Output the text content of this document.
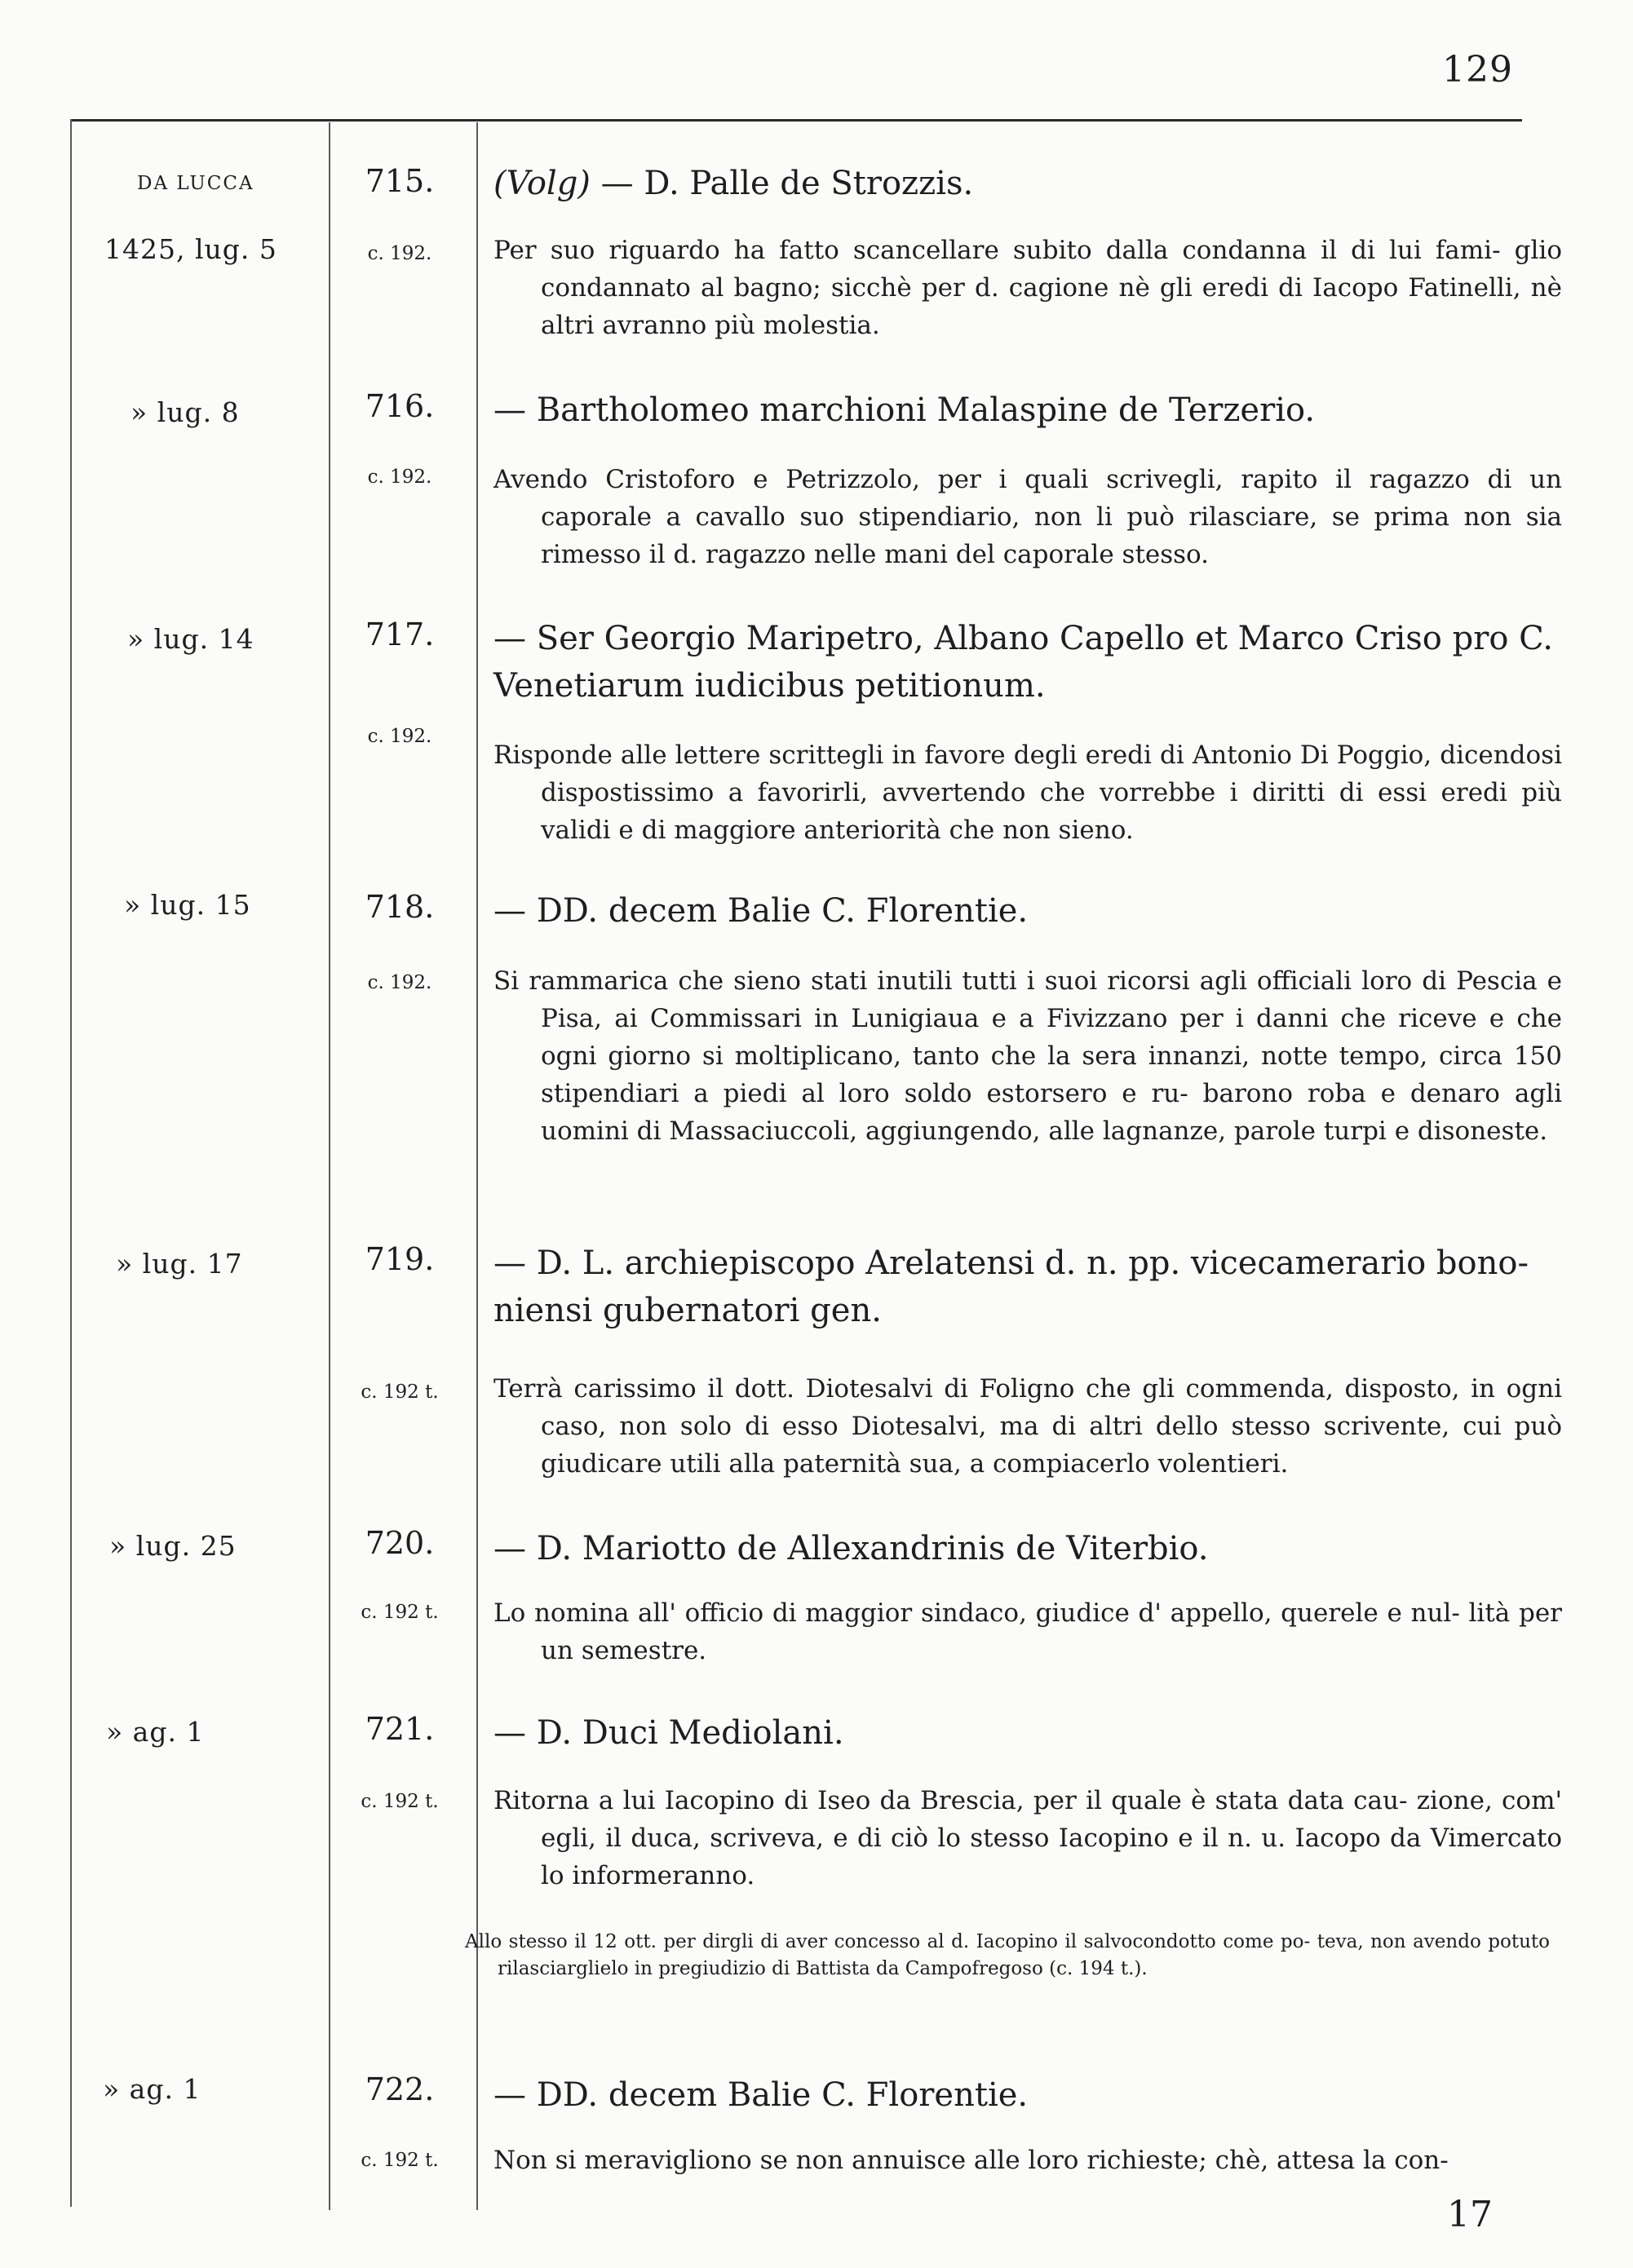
129
DA LUCCA
1425, lug. 5
715.
c. 192.
(Volg) — D. Palle de Strozzis.
Per suo riguardo ha fatto scancellare subito dalla condanna il di lui fami- glio condannato al bagno; sicchè per d. cagione nè gli eredi di Iacopo Fatinelli, nè altri avranno più molestia.
» lug. 8	716.
c. 192.
— Bartholomeo marchioni Malaspine de Terzerio.
Avendo Cristoforo e Petrizzolo, per i quali scrivegli, rapito il ragazzo di un caporale a cavallo suo stipendiario, non li può rilasciare, se prima non sia rimesso il d. ragazzo nelle mani del caporale stesso.
» lug. 14	717.
c. 192.
— Ser Georgio Maripetro, Albano Capello et Marco Criso pro C. Venetiarum iudicibus petitionum.
Risponde alle lettere scrittegli in favore degli eredi di Antonio Di Poggio, dicendosi dispostissimo a favorirli, avvertendo che vorrebbe i diritti di essi eredi più validi e di maggiore anteriorità che non sieno.
» lug. 15	718.
c. 192.
— DD. decem Balie C. Florentie.
Si rammarica che sieno stati inutili tutti i suoi ricorsi agli officiali loro di Pescia e Pisa, ai Commissari in Lunigiaua e a Fivizzano per i danni che riceve e che ogni giorno si moltiplicano, tanto che la sera innanzi, notte tempo, circa 150 stipendiari a piedi al loro soldo estorsero e ru- barono roba e denaro agli uomini di Massaciuccoli, aggiungendo, alle lagnanze, parole turpi e disoneste.
» lug. 17	719.
c. 192 t.
— D. L. archiepiscopo Arelatensi d. n. pp. vicecamerario bono- niensi gubernatori gen.
Terrà carissimo il dott. Diotesalvi di Foligno che gli commenda, disposto, in ogni caso, non solo di esso Diotesalvi, ma di altri dello stesso scrivente, cui può giudicare utili alla paternità sua, a compiacerlo volentieri.
» lug. 25	720.
c. 192 t.
— D. Mariotto de Allexandrinis de Viterbio.
Lo nomina all' officio di maggior sindaco, giudice d' appello, querele e nul- lità per un semestre.
» ag. 1	721.
c. 192 t.
— D. Duci Mediolani.
Ritorna a lui Iacopino di Iseo da Brescia, per il quale è stata data cau- zione, com' egli, il duca, scriveva, e di ciò lo stesso Iacopino e il n. u. Iacopo da Vimercato lo informeranno.
Allo stesso il 12 ott. per dirgli di aver concesso al d. Iacopino il salvocondotto come po- teva, non avendo potuto rilasciarglielo in pregiudizio di Battista da Campofregoso (c. 194 t.).
» ag. 1	722.
c. 192 t.
— DD. decem Balie C. Florentie.
Non si meravigliono se non annuisce alle loro richieste; chè, attesa la con-
17
